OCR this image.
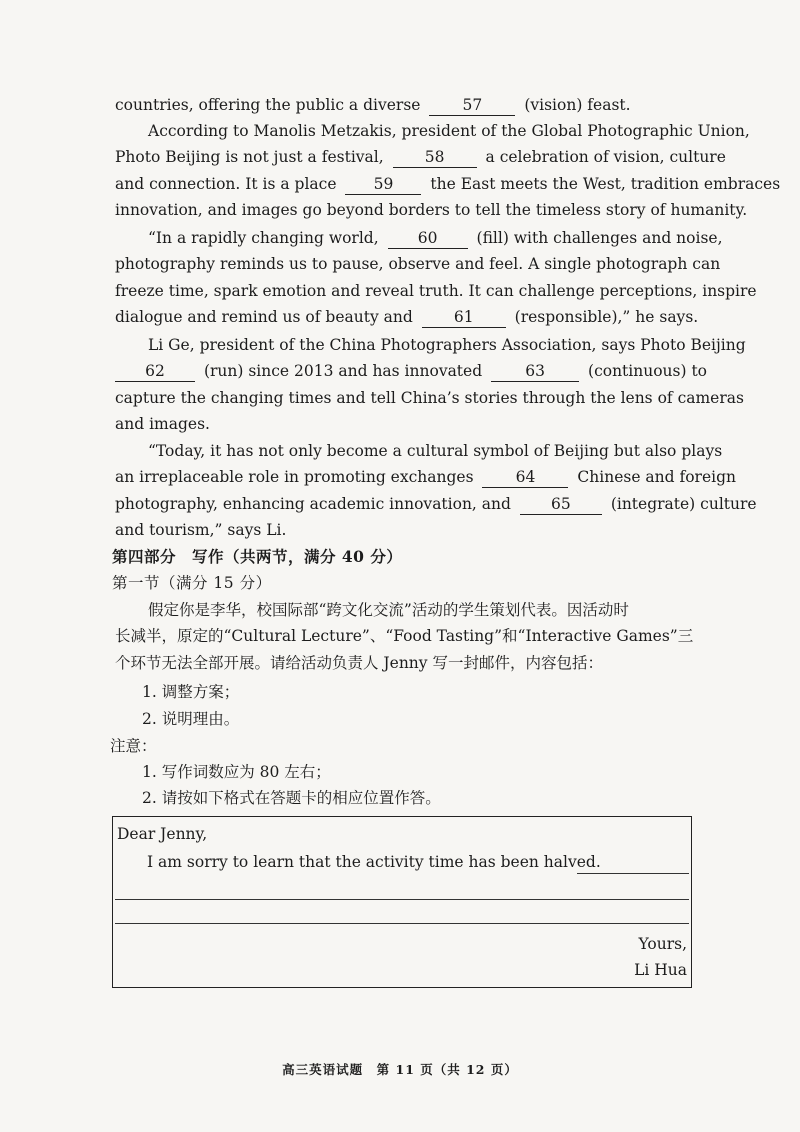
countries, offering the public a diverse	57	(vision) feast.
According to Manolis Metzakis, president of the Global Photographic Union,
Photo Beijing is not just a festival,	58	a celebration of vision, culture
and connection. It is a place 59 the East meets the West, tradition embraces
innovation, and images go beyond borders to tell the timeless story of humanity.
“In a rapidly changing world,	60	(fill) with challenges and noise,
photography reminds us to pause, observe and feel. A single photograph can
freeze time, spark emotion and reveal truth. It can challenge perceptions, inspire
dialogue and remind us of beauty and	61	(responsible),” he says.
Li Ge, president of the China Photographers Association, says Photo Beijing
62	(run) since 2013 and has innovated	63	(continuous) to
capture the changing times and tell China’s stories through the lens of cameras
and images.
“Today, it has not only become a cultural symbol of Beijing but also plays
an irreplaceable role in promoting exchanges	64	Chinese and foreign
photography, enhancing academic innovation, and	65	(integrate) culture
and tourism,” says Li.
第四部分　写作（共两节，满分 40 分）
第一节（满分 15 分）
假定你是李华，校国际部“跨文化交流”活动的学生策划代表。因活动时
长减半，原定的“Cultural Lecture”、“Food Tasting”和“Interactive Games”三
个环节无法全部开展。请给活动负责人 Jenny 写一封邮件，内容包括：
1. 调整方案；
2. 说明理由。
注意：
1. 写作词数应为 80 左右；
2. 请按如下格式在答题卡的相应位置作答。
Dear Jenny,
I am sorry to learn that the activity time has been halved.
Yours,
Li Hua
高三英语试题　第 11 页（共 12 页）
